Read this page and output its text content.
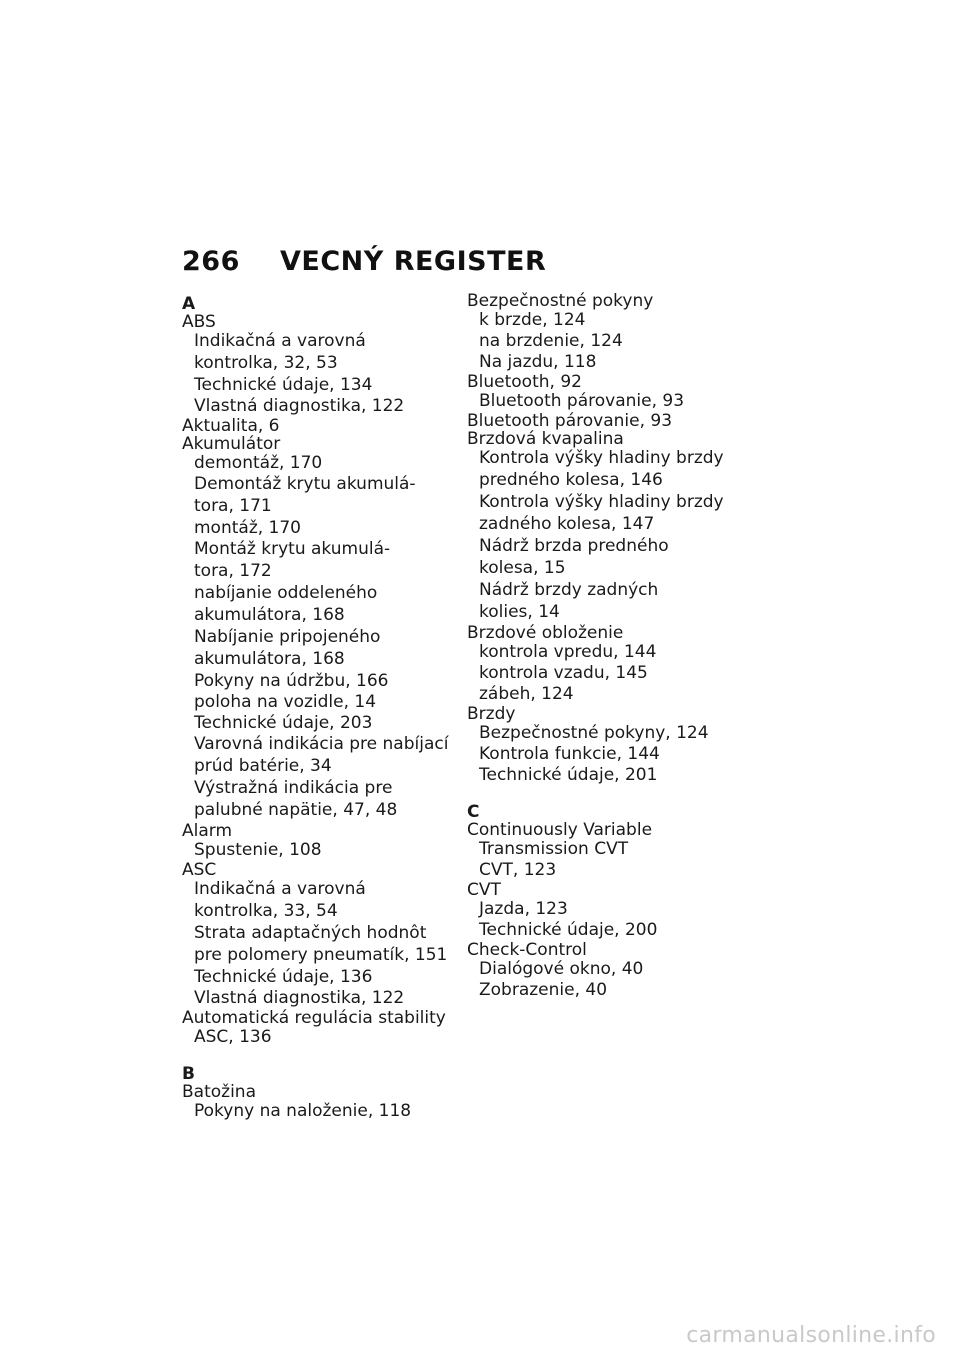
266 VECNÝ REGISTER
A
ABS
Indikačná a varovná
kontrolka, 32, 53
Technické údaje, 134
Vlastná diagnostika, 122
Aktualita, 6
Akumulátor
demontáž, 170
Demontáž krytu akumulá-
tora, 171
montáž, 170
Montáž krytu akumulá-
tora, 172
nabíjanie oddeleného
akumulátora, 168
Nabíjanie pripojeného
akumulátora, 168
Pokyny na údržbu, 166
poloha na vozidle, 14
Technické údaje, 203
Varovná indikácia pre nabíjací
prúd batérie, 34
Výstražná indikácia pre
palubné napätie, 47, 48
Alarm
Spustenie, 108
ASC
Indikačná a varovná
kontrolka, 33, 54
Strata adaptačných hodnôt
pre polomery pneumatík, 151
Technické údaje, 136
Vlastná diagnostika, 122
Automatická regulácia stability
ASC, 136
B
Batožina
Pokyny na naloženie, 118
Bezpečnostné pokyny
k brzde, 124
na brzdenie, 124
Na jazdu, 118
Bluetooth, 92
Bluetooth párovanie, 93
Bluetooth párovanie, 93
Brzdová kvapalina
Kontrola výšky hladiny brzdy
predného kolesa, 146
Kontrola výšky hladiny brzdy
zadného kolesa, 147
Nádrž brzda predného
kolesa, 15
Nádrž brzdy zadných
kolies, 14
Brzdové obloženie
kontrola vpredu, 144
kontrola vzadu, 145
zábeh, 124
Brzdy
Bezpečnostné pokyny, 124
Kontrola funkcie, 144
Technické údaje, 201
C
Continuously Variable
Transmission CVT
CVT, 123
CVT
Jazda, 123
Technické údaje, 200
Check-Control
Dialógové okno, 40
Zobrazenie, 40
carmanualsonline.info
